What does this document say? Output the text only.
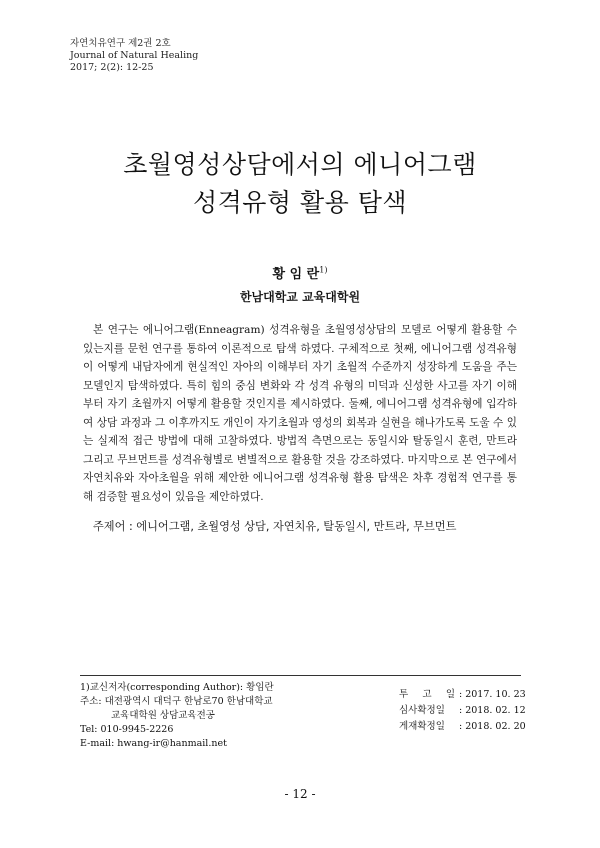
자연치유연구 제2권 2호
Journal of Natural Healing
2017; 2(2): 12-25
초월영성상담에서의 에니어그램
성격유형 활용 탐색
황 임 란$^{1)}$
한남대학교 교육대학원
본 연구는 에니어그램(Enneagram) 성격유형을 초월영성상담의 모델로 어떻게 활용할 수 있는지를 문헌 연구를 통하여 이론적으로 탐색 하였다. 구체적으로 첫째, 에니어그램 성격유형이 어떻게 내담자에게 현실적인 자아의 이해부터 자기 초월적 수준까지 성장하게 도움을 주는 모델인지 탐색하였다. 특히 힘의 중심 변화와 각 성격 유형의 미덕과 신성한 사고를 자기 이해부터 자기 초월까지 어떻게 활용할 것인지를 제시하였다. 둘째, 에니어그램 성격유형에 입각하여 상담 과정과 그 이후까지도 개인이 자기초월과 영성의 회복과 실현을 해나가도록 도울 수 있는 실제적 접근 방법에 대해 고찰하였다. 방법적 측면으로는 동일시와 탈동일시 훈련, 만트라 그리고 무브먼트를 성격유형별로 변별적으로 활용할 것을 강조하였다. 마지막으로 본 연구에서 자연치유와 자아초월을 위해 제안한 에니어그램 성격유형 활용 탐색은 차후 경험적 연구를 통해 검증할 필요성이 있음을 제안하였다.
주제어 : 에니어그램, 초월영성 상담, 자연치유, 탈동일시, 만트라, 무브먼트
1)교신저자(corresponding Author): 황임란
주소: 대전광역시 대덕구 한남로70 한남대학교
교육대학원 상담교육전공
Tel: 010-9945-2226
E-mail: hwang-ir@hanmail.net
투 고 일 : 2017. 10. 23
심사확정일 : 2018. 02. 12
게재확정일 : 2018. 02. 20
- 12 -
